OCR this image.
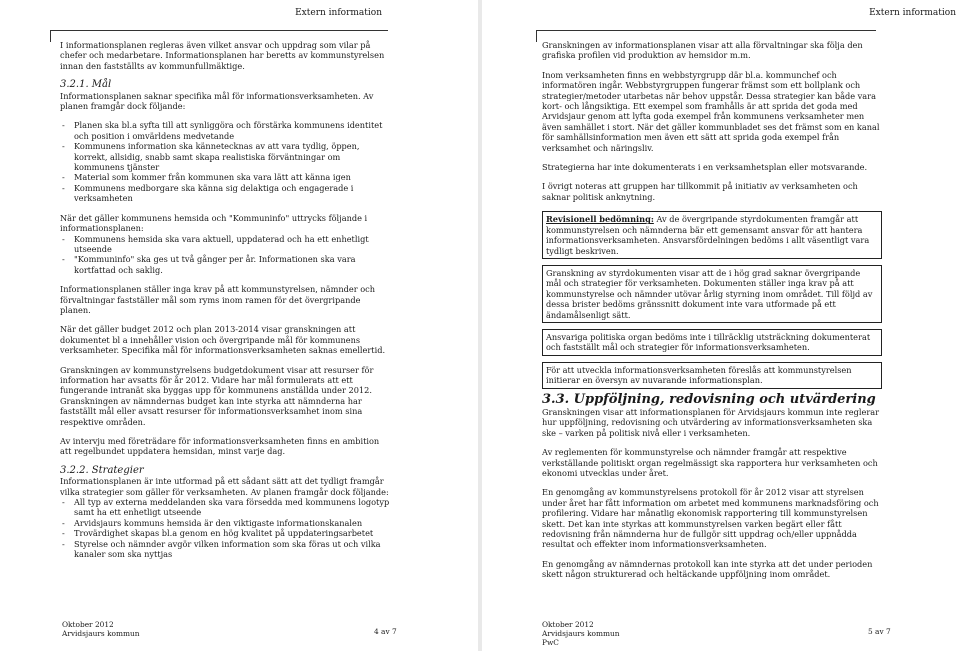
Extern information

I informationsplanen regleras även vilket ansvar och uppdrag som vilar på chefer och medarbetare. Informationsplanen har beretts av kommunstyrelsen innan den fastställts av kommunfullmäktige.

3.2.1. Mål

Informationsplanen saknar specifika mål för informationsverksamheten. Av planen framgår dock följande:

- Planen ska bl.a syfta till att synliggöra och förstärka kommunens identitet och position i omvärldens medvetande
- Kommunens information ska kännetecknas av att vara tydlig, öppen, korrekt, allsidig, snabb samt skapa realistiska förväntningar om kommunens tjänster
- Material som kommer från kommunen ska vara lätt att känna igen
- Kommunens medborgare ska känna sig delaktiga och engagerade i verksamheten

När det gäller kommunens hemsida och "Kommuninfo" uttrycks följande i informationsplanen:

- Kommunens hemsida ska vara aktuell, uppdaterad och ha ett enhetligt utseende
- "Kommuninfo" ska ges ut två gånger per år. Informationen ska vara kortfattad och saklig.

Informationsplanen ställer inga krav på att kommunstyrelsen, nämnder och förvaltningar fastställer mål som ryms inom ramen för det övergripande planen.

När det gäller budget 2012 och plan 2013-2014 visar granskningen att dokumentet bl a innehåller vision och övergripande mål för kommunens verksamheter. Specifika mål för informationsverksamheten saknas emellertid.

Granskningen av kommunstyrelsens budgetdokument visar att resurser för information har avsatts för år 2012. Vidare har mål formulerats att ett fungerande intranät ska byggas upp för kommunens anställda under 2012. Granskningen av nämndernas budget kan inte styrka att nämnderna har fastställt mål eller avsatt resurser för informationsverksamhet inom sina respektive områden.

Av intervju med företrädare för informationsverksamheten finns en ambition att regelbundet uppdatera hemsidan, minst varje dag.

3.2.2. Strategier

Informationsplanen är inte utformad på ett sådant sätt att det tydligt framgår vilka strategier som gäller för verksamheten. Av planen framgår dock följande:

- All typ av externa meddelanden ska vara försedda med kommunens logotyp samt ha ett enhetligt utseende
- Arvidsjaurs kommuns hemsida är den viktigaste informationskanalen
- Trovärdighet skapas bl.a genom en hög kvalitet på uppdateringsarbetet
- Styrelse och nämnder avgör vilken information som ska föras ut och vilka kanaler som ska nyttjas
Oktober 2012
Arvidsjaurs kommun	4 av 7
Extern information

Granskningen av informationsplanen visar att alla förvaltningar ska följa den grafiska profilen vid produktion av hemsidor m.m.

Inom verksamheten finns en webbstyrgrupp där bl.a. kommunchef och informatören ingår. Webbstyrgruppen fungerar främst som ett bollplank och strategier/metoder utarbetas när behov uppstår. Dessa strategier kan både vara kort- och långsiktiga. Ett exempel som framhålls är att sprida det goda med Arvidsjaur genom att lyfta goda exempel från kommunens verksamheter men även samhället i stort. När det gäller kommunbladet ses det främst som en kanal för samhällsinformation men även ett sätt att sprida goda exempel från verksamhet och näringsliv.

Strategierna har inte dokumenterats i en verksamhetsplan eller motsvarande.

I övrigt noteras att gruppen har tillkommit på initiativ av verksamheten och saknar politisk anknytning.

Revisionell bedömning: Av de övergripande styrdokumenten framgår att kommunstyrelsen och nämnderna bär ett gemensamt ansvar för att hantera informationsverksamheten. Ansvarsfördelningen bedöms i allt väsentligt vara tydligt beskriven.

Granskning av styrdokumenten visar att de i hög grad saknar övergripande mål och strategier för verksamheten. Dokumenten ställer inga krav på att kommunstyrelse och nämnder utövar årlig styrning inom området. Till följd av dessa brister bedöms gränssnitt dokument inte vara utformade på ett ändamålsenligt sätt.

Ansvariga politiska organ bedöms inte i tillräcklig utsträckning dokumenterat och fastställt mål och strategier för informationsverksamheten.

För att utveckla informationsverksamheten föreslås att kommunstyrelsen initierar en översyn av nuvarande informationsplan.

3.3. Uppföljning, redovisning och utvärdering

Granskningen visar att informationsplanen för Arvidsjaurs kommun inte reglerar hur uppföljning, redovisning och utvärdering av informationsverksamheten ska ske – varken på politisk nivå eller i verksamheten.

Av reglementen för kommunstyrelse och nämnder framgår att respektive verkställande politiskt organ regelmässigt ska rapportera hur verksamheten och ekonomi utvecklas under året.

En genomgång av kommunstyrelsens protokoll för år 2012 visar att styrelsen under året har fått information om arbetet med kommunens marknadsföring och profilering. Vidare har månatlig ekonomisk rapportering till kommunstyrelsen skett. Det kan inte styrkas att kommunstyrelsen varken begärt eller fått redovisning från nämnderna hur de fullgör sitt uppdrag och/eller uppnådda resultat och effekter inom informationsverksamheten.

En genomgång av nämndernas protokoll kan inte styrka att det under perioden skett någon strukturerad och heltäckande uppföljning inom området.

Oktober 2012
Arvidsjaurs kommun
PwC
5 av 7
